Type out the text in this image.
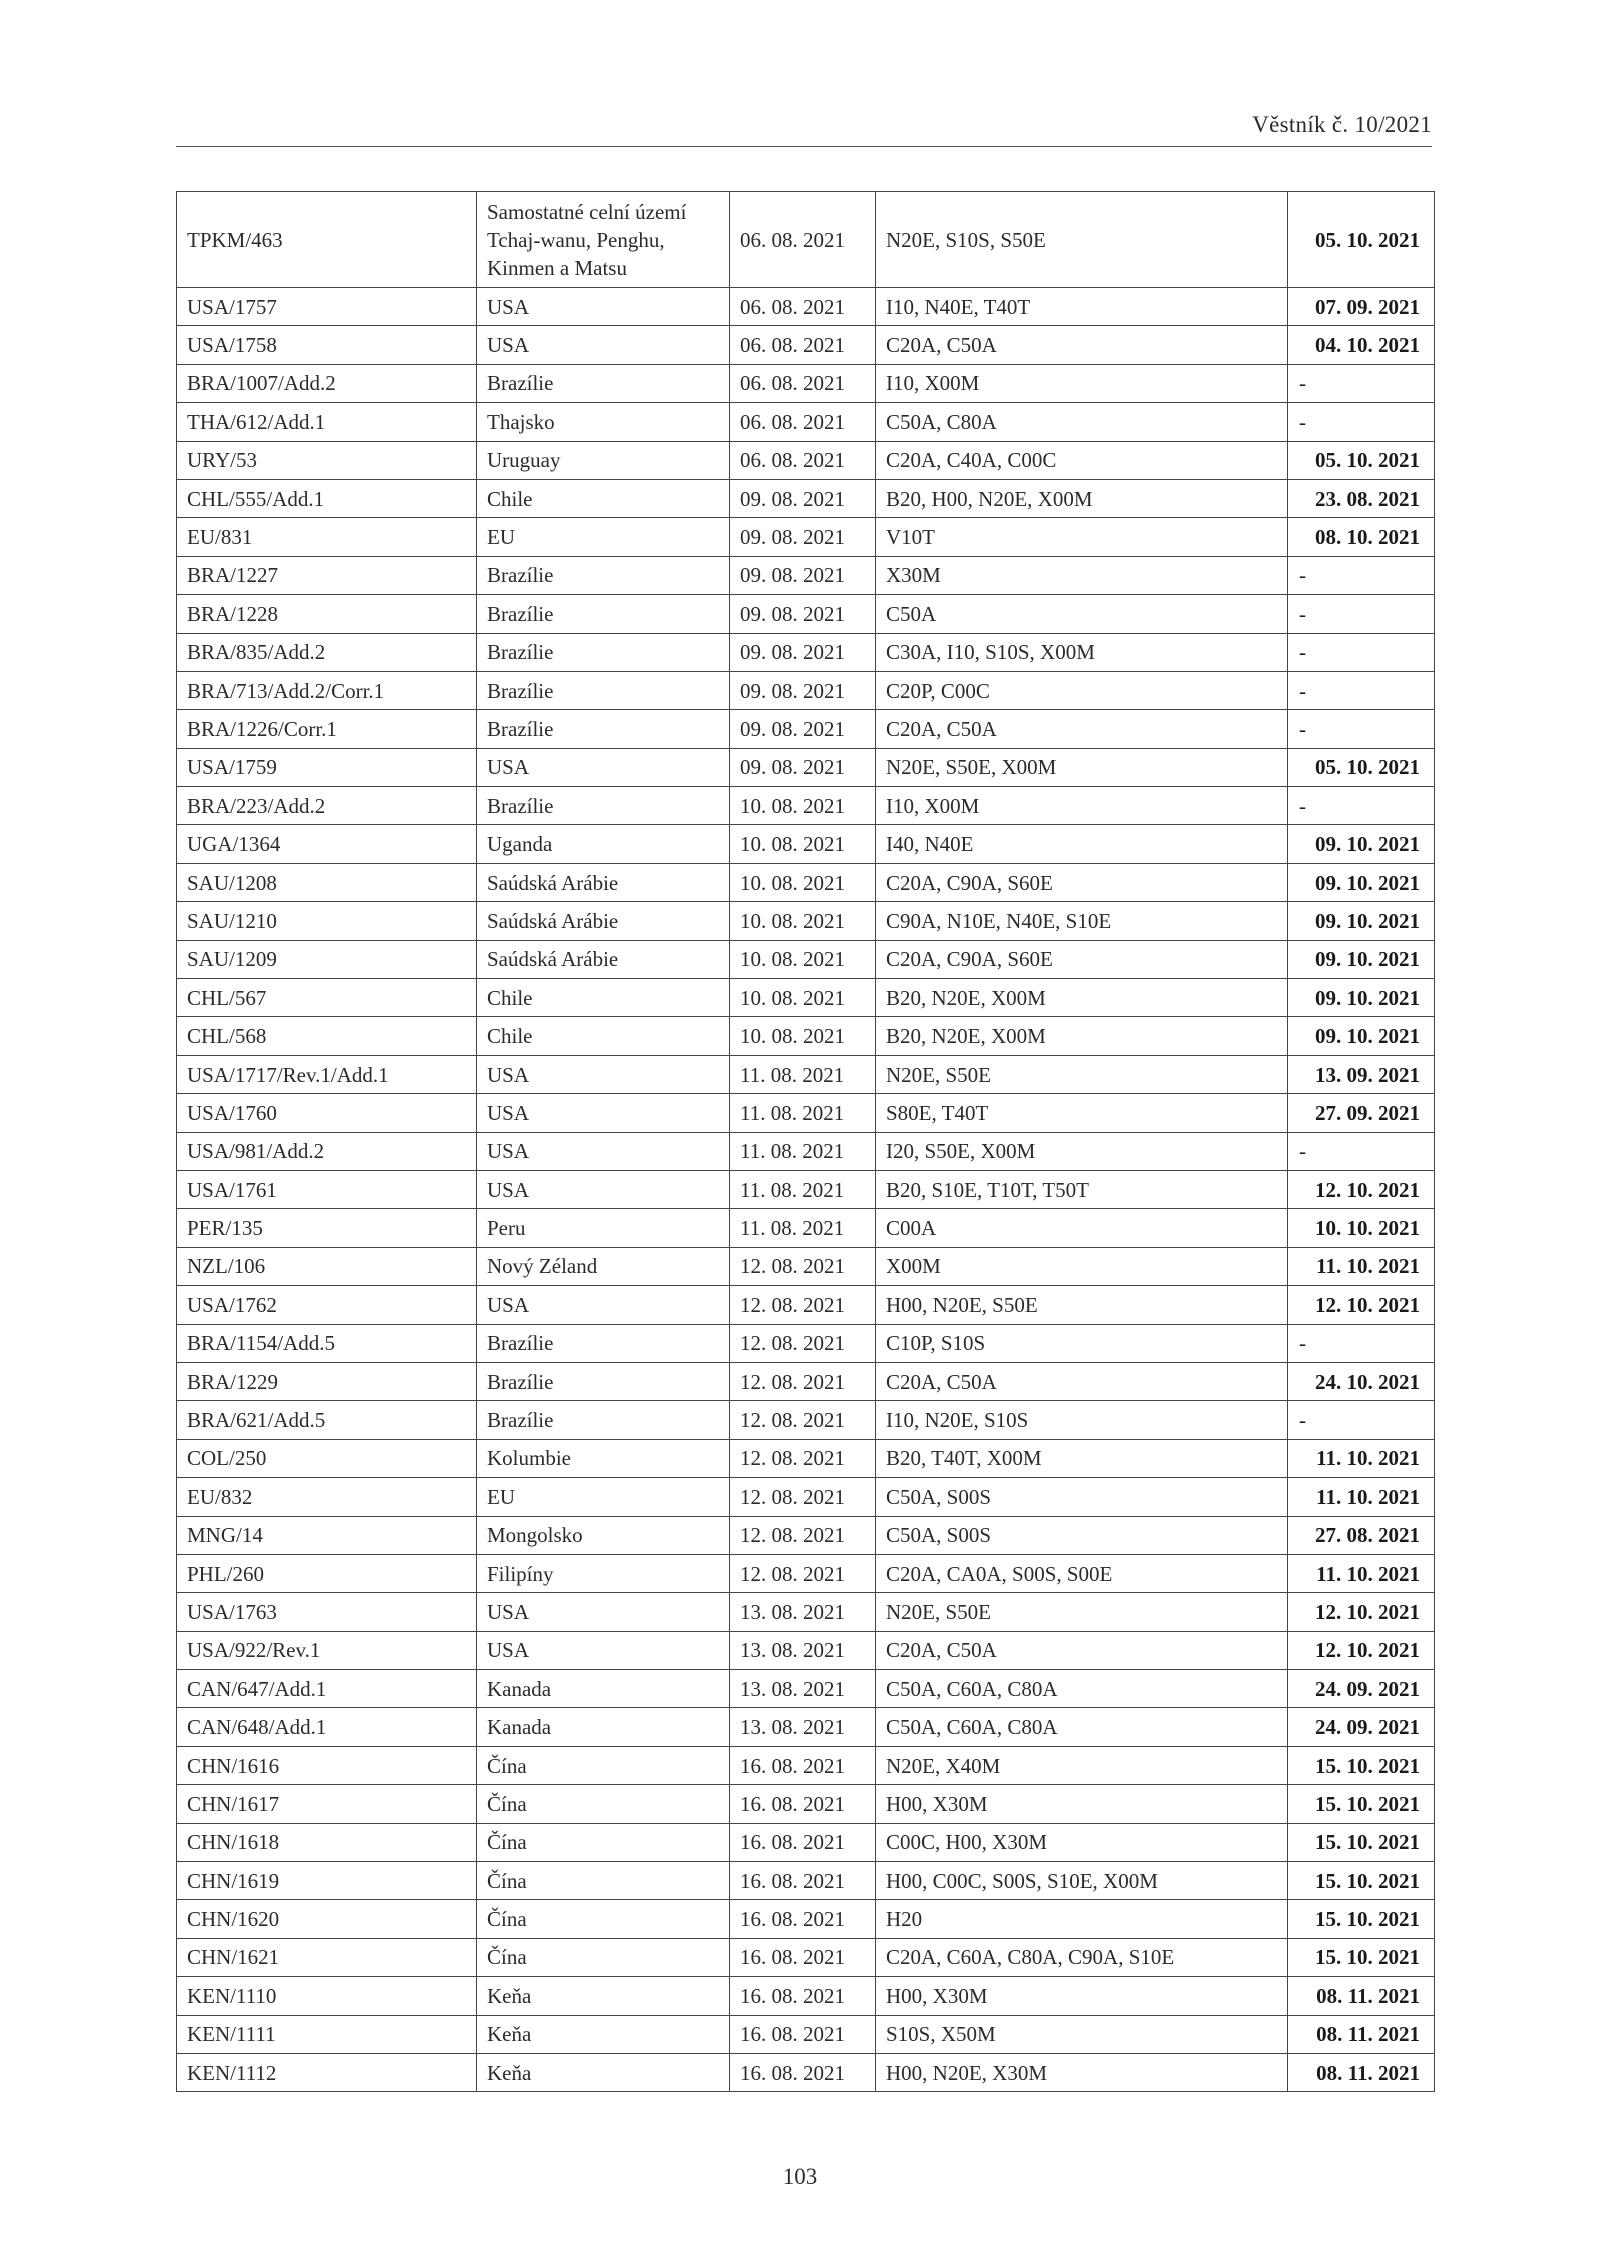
Věstník č. 10/2021
TPKM/463	Samostatné celní území Tchaj-wanu, Penghu, Kinmen a Matsu	06. 08. 2021	N20E, S10S, S50E	05. 10. 2021
USA/1757	USA	06. 08. 2021	I10, N40E, T40T	07. 09. 2021
USA/1758	USA	06. 08. 2021	C20A, C50A	04. 10. 2021
BRA/1007/Add.2	Brazílie	06. 08. 2021	I10, X00M	-
THA/612/Add.1	Thajsko	06. 08. 2021	C50A, C80A	-
URY/53	Uruguay	06. 08. 2021	C20A, C40A, C00C	05. 10. 2021
CHL/555/Add.1	Chile	09. 08. 2021	B20, H00, N20E, X00M	23. 08. 2021
EU/831	EU	09. 08. 2021	V10T	08. 10. 2021
BRA/1227	Brazílie	09. 08. 2021	X30M	-
BRA/1228	Brazílie	09. 08. 2021	C50A	-
BRA/835/Add.2	Brazílie	09. 08. 2021	C30A, I10, S10S, X00M	-
BRA/713/Add.2/Corr.1	Brazílie	09. 08. 2021	C20P, C00C	-
BRA/1226/Corr.1	Brazílie	09. 08. 2021	C20A, C50A	-
USA/1759	USA	09. 08. 2021	N20E, S50E, X00M	05. 10. 2021
BRA/223/Add.2	Brazílie	10. 08. 2021	I10, X00M	-
UGA/1364	Uganda	10. 08. 2021	I40, N40E	09. 10. 2021
SAU/1208	Saúdská Arábie	10. 08. 2021	C20A, C90A, S60E	09. 10. 2021
SAU/1210	Saúdská Arábie	10. 08. 2021	C90A, N10E, N40E, S10E	09. 10. 2021
SAU/1209	Saúdská Arábie	10. 08. 2021	C20A, C90A, S60E	09. 10. 2021
CHL/567	Chile	10. 08. 2021	B20, N20E, X00M	09. 10. 2021
CHL/568	Chile	10. 08. 2021	B20, N20E, X00M	09. 10. 2021
USA/1717/Rev.1/Add.1	USA	11. 08. 2021	N20E, S50E	13. 09. 2021
USA/1760	USA	11. 08. 2021	S80E, T40T	27. 09. 2021
USA/981/Add.2	USA	11. 08. 2021	I20, S50E, X00M	-
USA/1761	USA	11. 08. 2021	B20, S10E, T10T, T50T	12. 10. 2021
PER/135	Peru	11. 08. 2021	C00A	10. 10. 2021
NZL/106	Nový Zéland	12. 08. 2021	X00M	11. 10. 2021
USA/1762	USA	12. 08. 2021	H00, N20E, S50E	12. 10. 2021
BRA/1154/Add.5	Brazílie	12. 08. 2021	C10P, S10S	-
BRA/1229	Brazílie	12. 08. 2021	C20A, C50A	24. 10. 2021
BRA/621/Add.5	Brazílie	12. 08. 2021	I10, N20E, S10S	-
COL/250	Kolumbie	12. 08. 2021	B20, T40T, X00M	11. 10. 2021
EU/832	EU	12. 08. 2021	C50A, S00S	11. 10. 2021
MNG/14	Mongolsko	12. 08. 2021	C50A, S00S	27. 08. 2021
PHL/260	Filipíny	12. 08. 2021	C20A, CA0A, S00S, S00E	11. 10. 2021
USA/1763	USA	13. 08. 2021	N20E, S50E	12. 10. 2021
USA/922/Rev.1	USA	13. 08. 2021	C20A, C50A	12. 10. 2021
CAN/647/Add.1	Kanada	13. 08. 2021	C50A, C60A, C80A	24. 09. 2021
CAN/648/Add.1	Kanada	13. 08. 2021	C50A, C60A, C80A	24. 09. 2021
CHN/1616	Čína	16. 08. 2021	N20E, X40M	15. 10. 2021
CHN/1617	Čína	16. 08. 2021	H00, X30M	15. 10. 2021
CHN/1618	Čína	16. 08. 2021	C00C, H00, X30M	15. 10. 2021
CHN/1619	Čína	16. 08. 2021	H00, C00C, S00S, S10E, X00M	15. 10. 2021
CHN/1620	Čína	16. 08. 2021	H20	15. 10. 2021
CHN/1621	Čína	16. 08. 2021	C20A, C60A, C80A, C90A, S10E	15. 10. 2021
KEN/1110	Keňa	16. 08. 2021	H00, X30M	08. 11. 2021
KEN/1111	Keňa	16. 08. 2021	S10S, X50M	08. 11. 2021
KEN/1112	Keňa	16. 08. 2021	H00, N20E, X30M	08. 11. 2021
103
